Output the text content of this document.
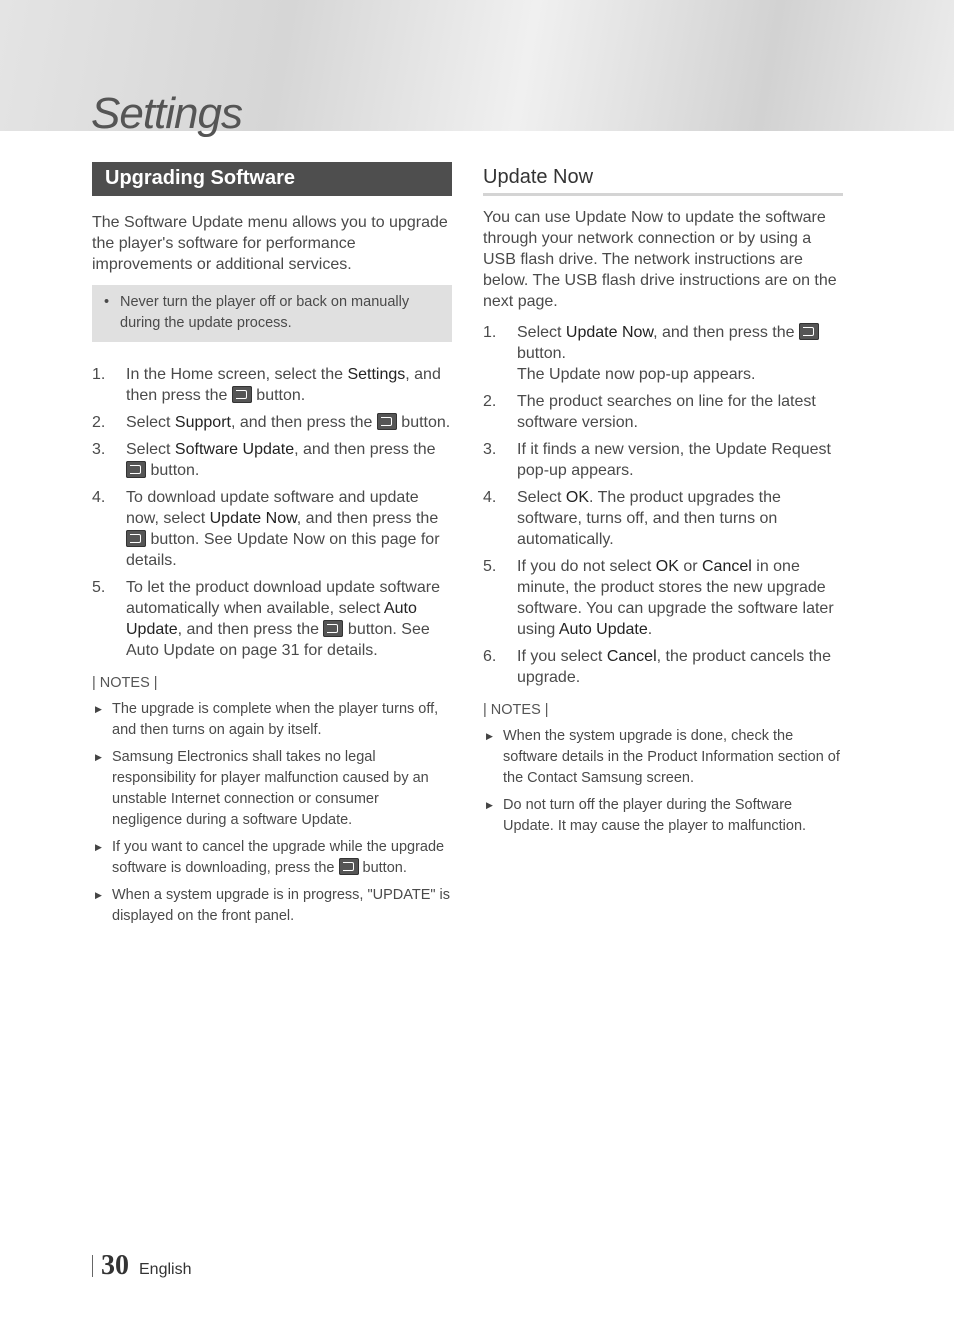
Settings
Upgrading Software

The Software Update menu allows you to upgrade the player's software for performance improvements or additional services.

• Never turn the player off or back on manually during the update process.
1.	In the Home screen, select the Settings, and then press the  button.
2.	Select Support, and then press the  button.
3.	Select Software Update, and then press the  button.
4.	To download update software and update now, select Update Now, and then press the  button. See Update Now on this page for details.
5.	To let the product download update software automatically when available, select Auto Update, and then press the  button. See Auto Update on page 31 for details.
| NOTES |
▶ The upgrade is complete when the player turns off, and then turns on again by itself.
▶ Samsung Electronics shall takes no legal responsibility for player malfunction caused by an unstable Internet connection or consumer negligence during a software Update.
▶ If you want to cancel the upgrade while the upgrade software is downloading, press the  button.
▶ When a system upgrade is in progress, "UPDATE" is displayed on the front panel.
Update Now

You can use Update Now to update the software through your network connection or by using a USB flash drive. The network instructions are below. The USB flash drive instructions are on the next page.

1.	Select Update Now, and then press the  button.
The Update now pop-up appears.
2.	The product searches on line for the latest software version.
3.	If it finds a new version, the Update Request pop-up appears.
4.	Select OK. The product upgrades the software, turns off, and then turns on automatically.
5.	If you do not select OK or Cancel in one minute, the product stores the new upgrade software. You can upgrade the software later using Auto Update.
6.	If you select Cancel, the product cancels the upgrade.
| NOTES |
▶ When the system upgrade is done, check the software details in the Product Information section of the Contact Samsung screen.
▶ Do not turn off the player during the Software Update. It may cause the player to malfunction.
30 English
